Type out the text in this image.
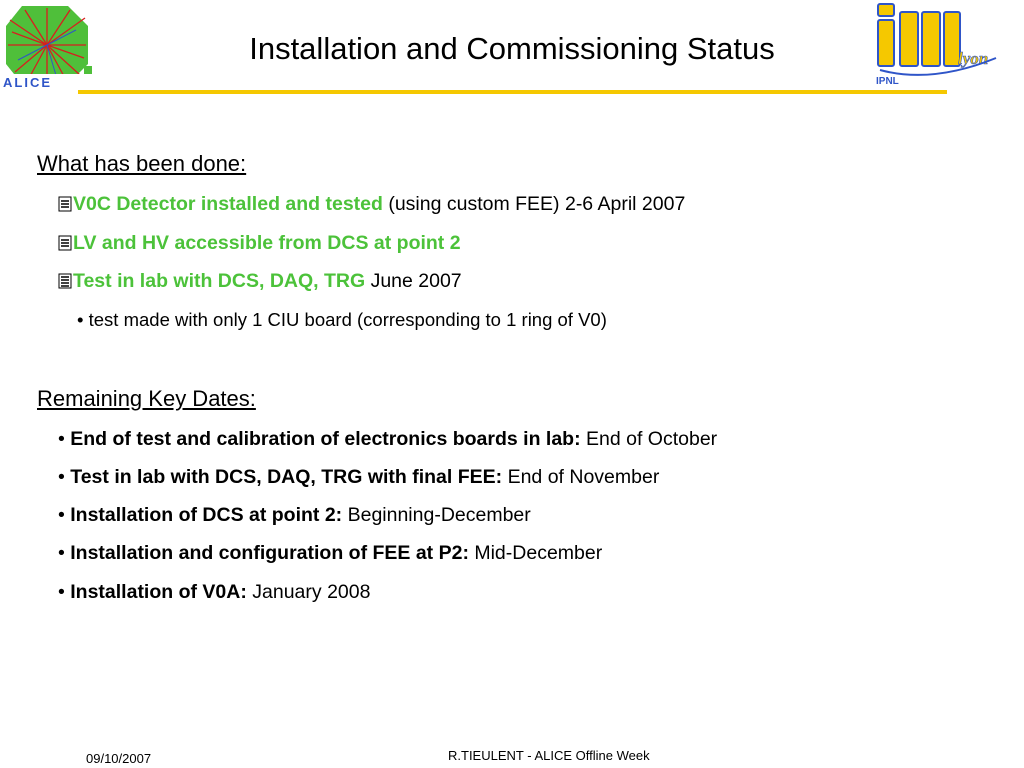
ALICE
Installation and Commissioning Status
IPNL
lyon
What has been done:
V0C Detector installed and tested (using custom FEE) 2-6 April 2007
LV and HV accessible from DCS at point 2
Test in lab with DCS, DAQ, TRG June 2007
• test made with only 1 CIU board (corresponding to 1 ring of V0)
Remaining Key Dates:
• End of test and calibration of electronics boards in lab: End of October
• Test in lab with DCS, DAQ, TRG with final FEE: End of November
• Installation of DCS at point 2: Beginning-December
• Installation and configuration of FEE at P2: Mid-December
• Installation of V0A: January 2008
09/10/2007	R.TIEULENT - ALICE Offline Week
